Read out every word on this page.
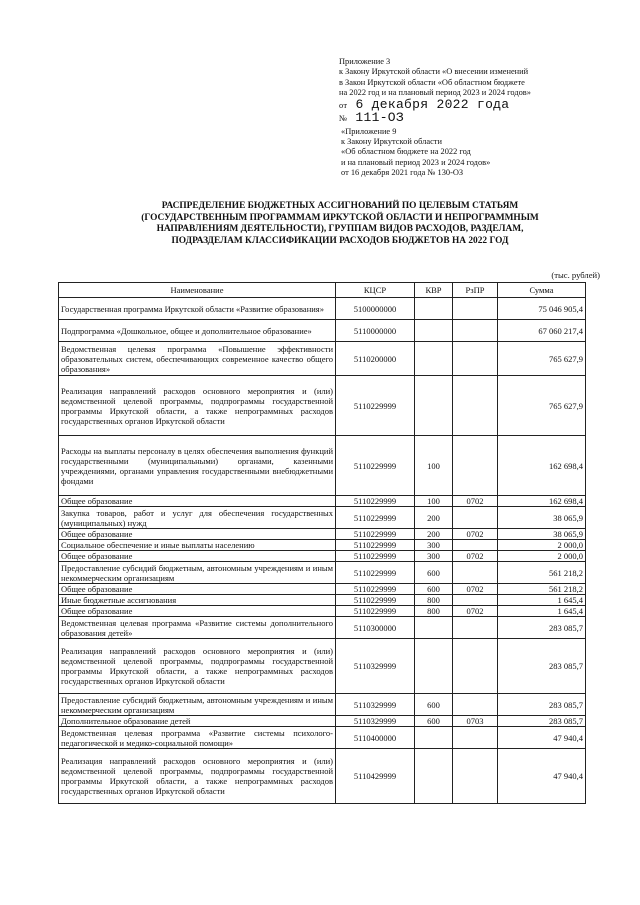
Приложение 3
к Закону Иркутской области «О внесении изменений
в Закон Иркутской области «Об областном бюджете
на 2022 год и на плановый период 2023 и 2024 годов»
от 6 декабря 2022 года
№ 111-ОЗ
«Приложение 9
к Закону Иркутской области
«Об областном бюджете на 2022 год
и на плановый период 2023 и 2024 годов»
от 16 декабря 2021 года № 130-ОЗ
РАСПРЕДЕЛЕНИЕ БЮДЖЕТНЫХ АССИГНОВАНИЙ ПО ЦЕЛЕВЫМ СТАТЬЯМ
(ГОСУДАРСТВЕННЫМ ПРОГРАММАМ ИРКУТСКОЙ ОБЛАСТИ И НЕПРОГРАММНЫМ
НАПРАВЛЕНИЯМ ДЕЯТЕЛЬНОСТИ), ГРУППАМ ВИДОВ РАСХОДОВ, РАЗДЕЛАМ,
ПОДРАЗДЕЛАМ КЛАССИФИКАЦИИ РАСХОДОВ БЮДЖЕТОВ НА 2022 ГОД
(тыс. рублей)
Наименование	КЦСР	КВР	РзПР	Сумма
Государственная программа Иркутской области «Развитие образования»	5100000000			75 046 905,4
Подпрограмма «Дошкольное, общее и дополнительное образование»	5110000000			67 060 217,4
Ведомственная целевая программа «Повышение эффективности образовательных систем, обеспечивающих современное качество общего образования»	5110200000			765 627,9
Реализация направлений расходов основного мероприятия и (или) ведомственной целевой программы, подпрограммы государственной программы Иркутской области, а также непрограммных расходов государственных органов Иркутской области	5110229999			765 627,9
Расходы на выплаты персоналу в целях обеспечения выполнения функций государственными (муниципальными) органами, казенными учреждениями, органами управления государственными внебюджетными фондами	5110229999	100		162 698,4
Общее образование	5110229999	100	0702	162 698,4
Закупка товаров, работ и услуг для обеспечения государственных (муниципальных) нужд	5110229999	200		38 065,9
Общее образование	5110229999	200	0702	38 065,9
Социальное обеспечение и иные выплаты населению	5110229999	300		2 000,0
Общее образование	5110229999	300	0702	2 000,0
Предоставление субсидий бюджетным, автономным учреждениям и иным некоммерческим организациям	5110229999	600		561 218,2
Общее образование	5110229999	600	0702	561 218,2
Иные бюджетные ассигнования	5110229999	800		1 645,4
Общее образование	5110229999	800	0702	1 645,4
Ведомственная целевая программа «Развитие системы дополнительного образования детей»	5110300000			283 085,7
Реализация направлений расходов основного мероприятия и (или) ведомственной целевой программы, подпрограммы государственной программы Иркутской области, а также непрограммных расходов государственных органов Иркутской области	5110329999			283 085,7
Предоставление субсидий бюджетным, автономным учреждениям и иным некоммерческим организациям	5110329999	600		283 085,7
Дополнительное образование детей	5110329999	600	0703	283 085,7
Ведомственная целевая программа «Развитие системы психолого-педагогической и медико-социальной помощи»	5110400000			47 940,4
Реализация направлений расходов основного мероприятия и (или) ведомственной целевой программы, подпрограммы государственной программы Иркутской области, а также непрограммных расходов государственных органов Иркутской области	5110429999			47 940,4
